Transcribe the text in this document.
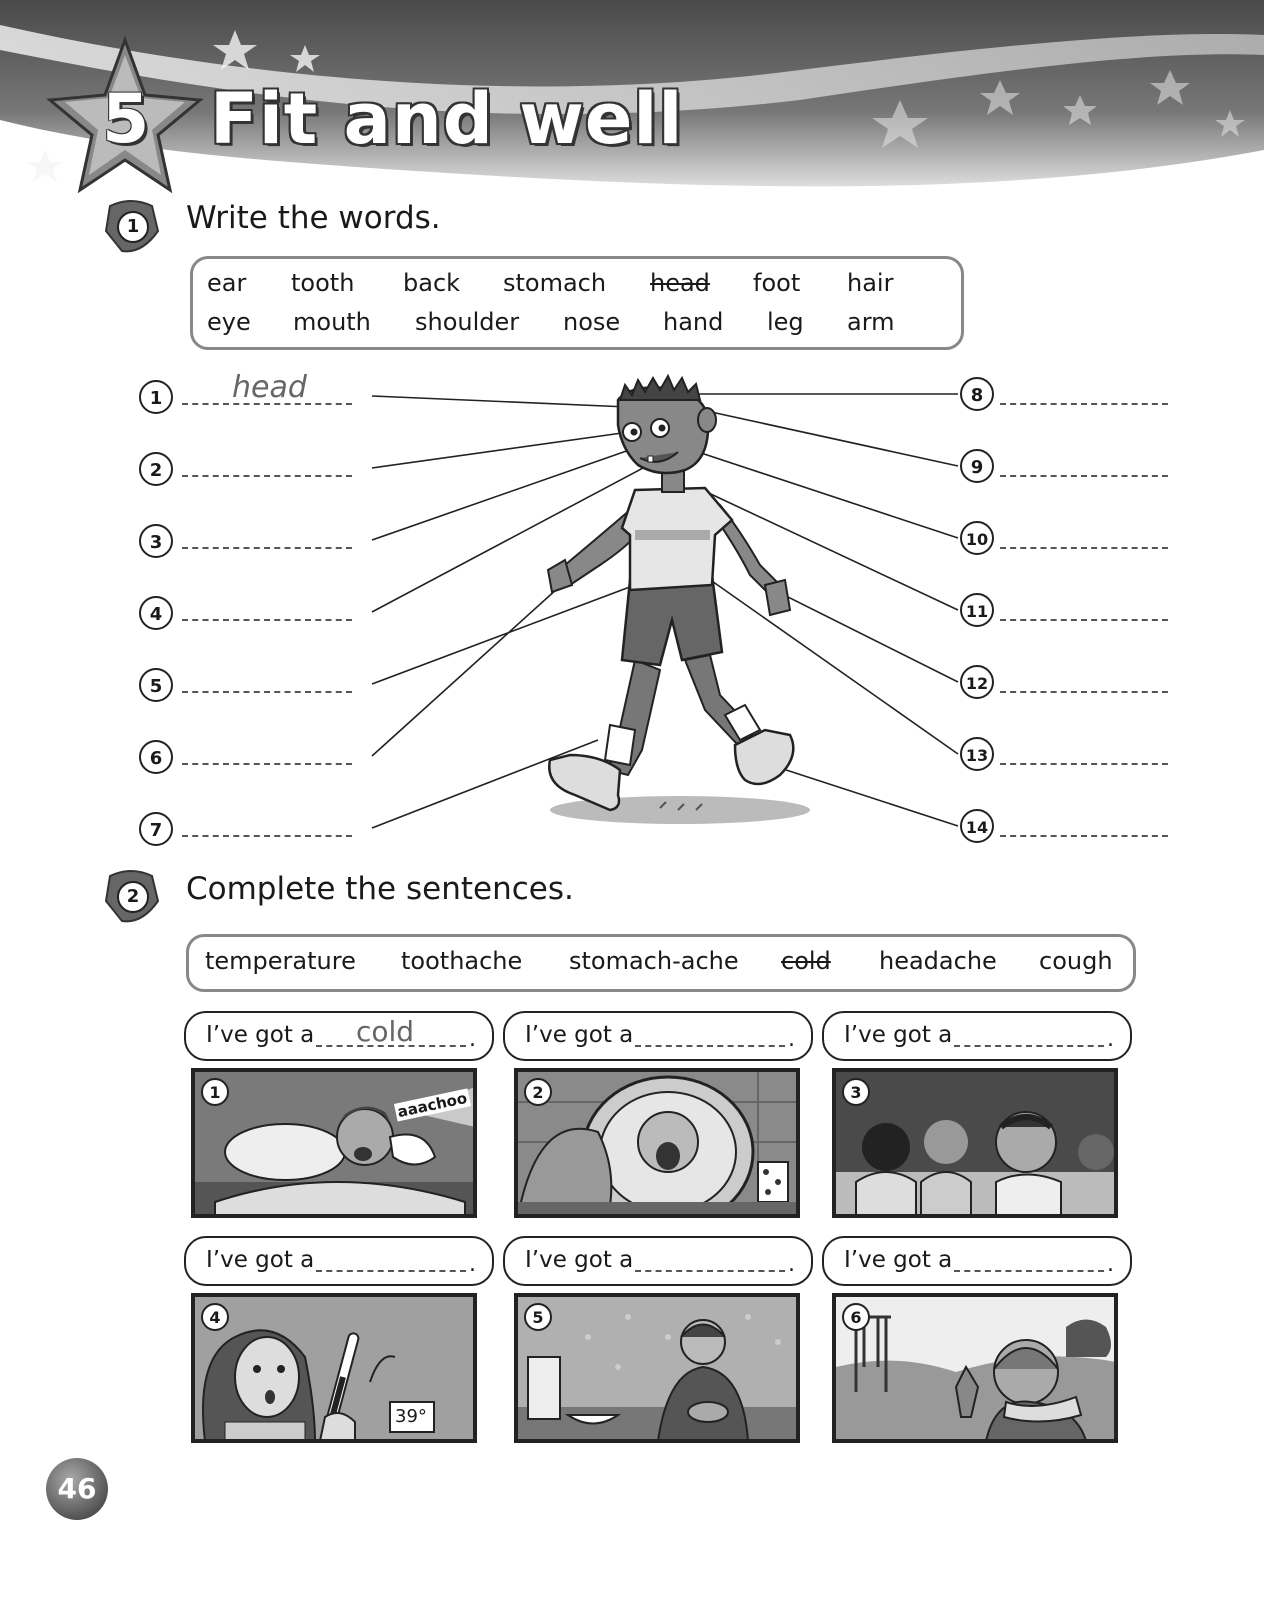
5 Fit and well
1	Write the words.
ear tooth back stomach head foot hair
eye mouth shoulder nose hand leg arm
1	head
2
3
4
5
6
7
8
9
10
11
12
13
14
2	Complete the sentences.
temperature toothache stomach-ache cold headache cough
I’ve got a cold . I’ve got a	. I’ve got a	.
1	aaachoo	2	3
I’ve got a	. I’ve got a	. I’ve got a	.
4
39°
5	6
46
